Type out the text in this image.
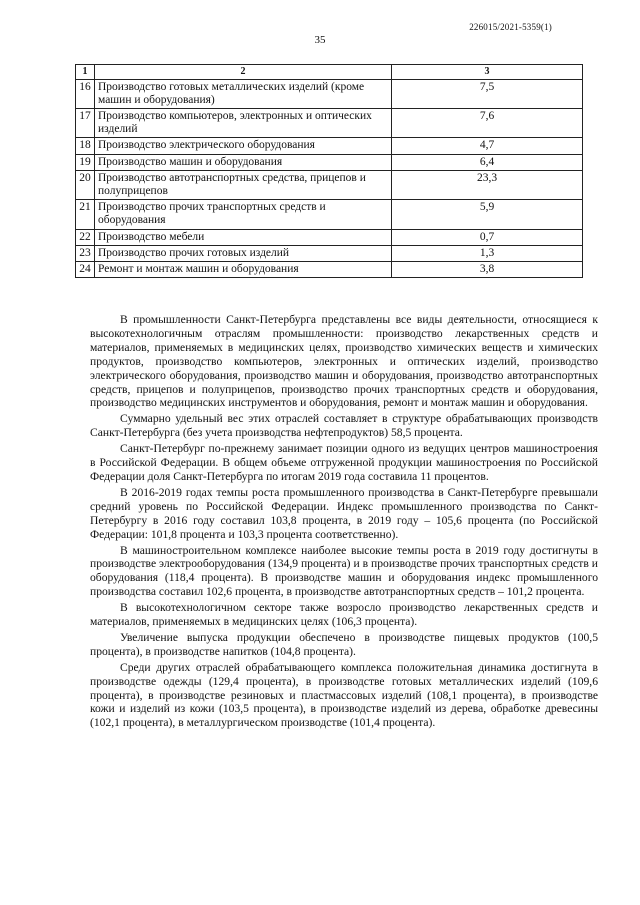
226015/2021-5359(1)
35
1	2	3
16	Производство готовых металлических изделий (кроме машин и оборудования)	7,5
17	Производство компьютеров, электронных и оптических изделий	7,6
18	Производство электрического оборудования	4,7
19	Производство машин и оборудования	6,4
20	Производство автотранспортных средства, прицепов и полуприцепов	23,3
21	Производство прочих транспортных средств и оборудования	5,9
22	Производство мебели	0,7
23	Производство прочих готовых изделий	1,3
24	Ремонт и монтаж машин и оборудования	3,8

В промышленности Санкт-Петербурга представлены все виды деятельности, относящиеся к высокотехнологичным отраслям промышленности: производство лекарственных средств и материалов, применяемых в медицинских целях, производство химических веществ и химических продуктов, производство компьютеров, электронных и оптических изделий, производство электрического оборудования, производство машин и оборудования, производство автотранспортных средств, прицепов и полуприцепов, производство прочих транспортных средств и оборудования, производство медицинских инструментов и оборудования, ремонт и монтаж машин и оборудования.

Суммарно удельный вес этих отраслей составляет в структуре обрабатывающих производств Санкт-Петербурга (без учета производства нефтепродуктов) 58,5 процента.

Санкт-Петербург по-прежнему занимает позиции одного из ведущих центров машиностроения в Российской Федерации. В общем объеме отгруженной продукции машиностроения по Российской Федерации доля Санкт-Петербурга по итогам 2019 года составила 11 процентов.

В 2016-2019 годах темпы роста промышленного производства в Санкт-Петербурге превышали средний уровень по Российской Федерации. Индекс промышленного производства по Санкт-Петербургу в 2016 году составил 103,8 процента, в 2019 году – 105,6 процента (по Российской Федерации: 101,8 процента и 103,3 процента соответственно).

В машиностроительном комплексе наиболее высокие темпы роста в 2019 году достигнуты в производстве электрооборудования (134,9 процента) и в производстве прочих транспортных средств и оборудования (118,4 процента). В производстве машин и оборудования индекс промышленного производства составил 102,6 процента, в производстве автотранспортных средств – 101,2 процента.

В высокотехнологичном секторе также возросло производство лекарственных средств и материалов, применяемых в медицинских целях (106,3 процента).

Увеличение выпуска продукции обеспечено в производстве пищевых продуктов (100,5 процента), в производстве напитков (104,8 процента).

Среди других отраслей обрабатывающего комплекса положительная динамика достигнута в производстве одежды (129,4 процента), в производстве готовых металлических изделий (109,6 процента), в производстве резиновых и пластмассовых изделий (108,1 процента), в производстве кожи и изделий из кожи (103,5 процента), в производстве изделий из дерева, обработке древесины (102,1 процента), в металлургическом производстве (101,4 процента).
